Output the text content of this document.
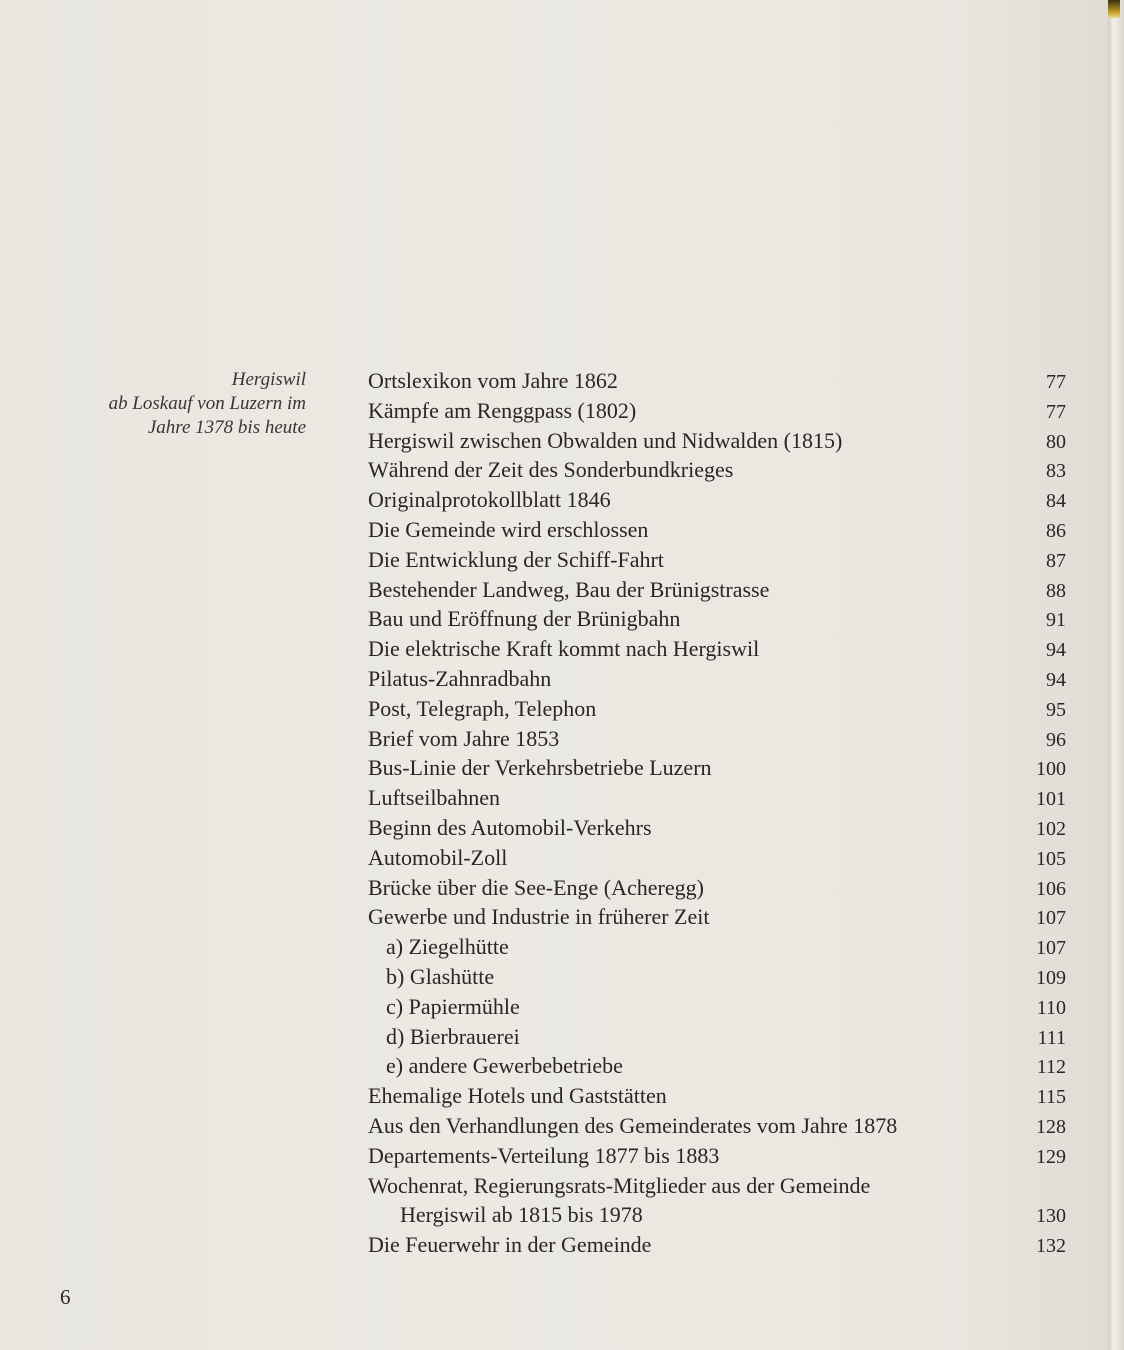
Hergiswil
ab Loskauf von Luzern im
Jahre 1378 bis heute
Ortslexikon vom Jahre 1862	77
Kämpfe am Renggpass (1802)	77
Hergiswil zwischen Obwalden und Nidwalden (1815)	80
Während der Zeit des Sonderbundkrieges	83
Originalprotokollblatt 1846	84
Die Gemeinde wird erschlossen	86
Die Entwicklung der Schiff-Fahrt	87
Bestehender Landweg, Bau der Brünigstrasse	88
Bau und Eröffnung der Brünigbahn	91
Die elektrische Kraft kommt nach Hergiswil	94
Pilatus-Zahnradbahn	94
Post, Telegraph, Telephon	95
Brief vom Jahre 1853	96
Bus-Linie der Verkehrsbetriebe Luzern	100
Luftseilbahnen	101
Beginn des Automobil-Verkehrs	102
Automobil-Zoll	105
Brücke über die See-Enge (Acheregg)	106
Gewerbe und Industrie in früherer Zeit	107
a) Ziegelhütte	107
b) Glashütte	109
c) Papiermühle	110
d) Bierbrauerei	111
e) andere Gewerbebetriebe	112
Ehemalige Hotels und Gaststätten	115
Aus den Verhandlungen des Gemeinderates vom Jahre 1878	128
Departements-Verteilung 1877 bis 1883	129
Wochenrat, Regierungsrats-Mitglieder aus der Gemeinde
Hergiswil ab 1815 bis 1978	130
Die Feuerwehr in der Gemeinde	132
6
